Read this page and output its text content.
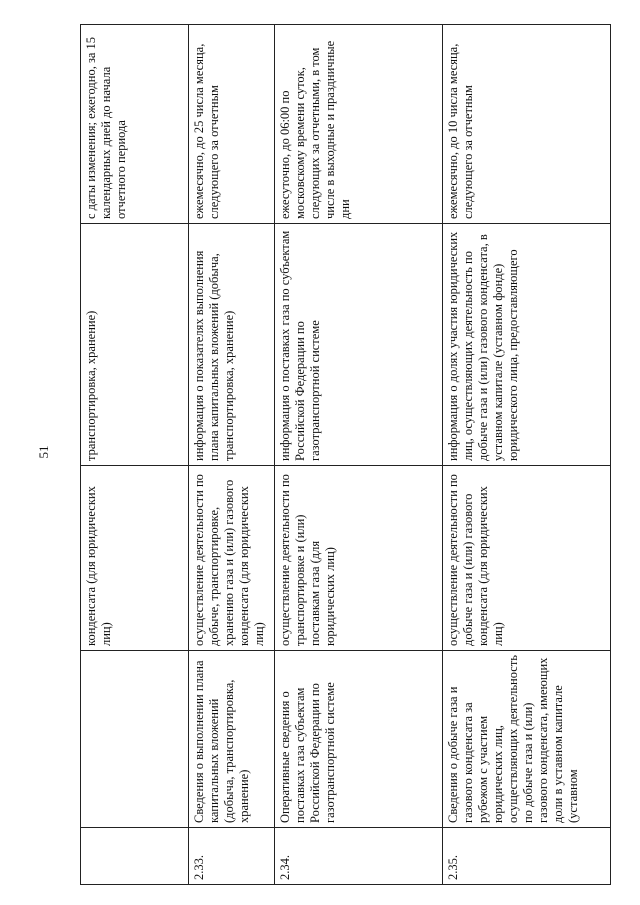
51
		конденсата (для юридических лиц)	транспортировка, хранение)	с даты изменения; ежегодно, за 15 календарных дней до начала отчетного периода
2.33.	Сведения о выполнении плана капитальных вложений (добыча, транспортировка, хранение)	осуществление деятельности по добыче, транспортировке, хранению газа и (или) газового конденсата (для юридических лиц)	информация о показателях выполнения плана капитальных вложений (добыча, транспортировка, хранение)	ежемесячно, до 25 числа месяца, следующего за отчетным
2.34.	Оперативные сведения о поставках газа субъектам Российской Федерации по газотранспортной системе	осуществление деятельности по транспортировке и (или) поставкам газа (для юридических лиц)	информация о поставках газа по субъектам Российской Федерации по газотранспортной системе	ежесуточно, до 06:00 по московскому времени суток, следующих за отчетными, в том числе в выходные и праздничные дни
2.35.	Сведения о добыче газа и газового конденсата за рубежом с участием юридических лиц, осуществляющих деятельность по добыче газа и (или) газового конденсата, имеющих доли в уставном капитале (уставном	осуществление деятельности по добыче газа и (или) газового конденсата (для юридических лиц)	информация о долях участия юридических лиц, осуществляющих деятельность по добыче газа и (или) газового конденсата, в уставном капитале (уставном фонде) юридического лица, предоставляющего	ежемесячно, до 10 числа месяца, следующего за отчетным
